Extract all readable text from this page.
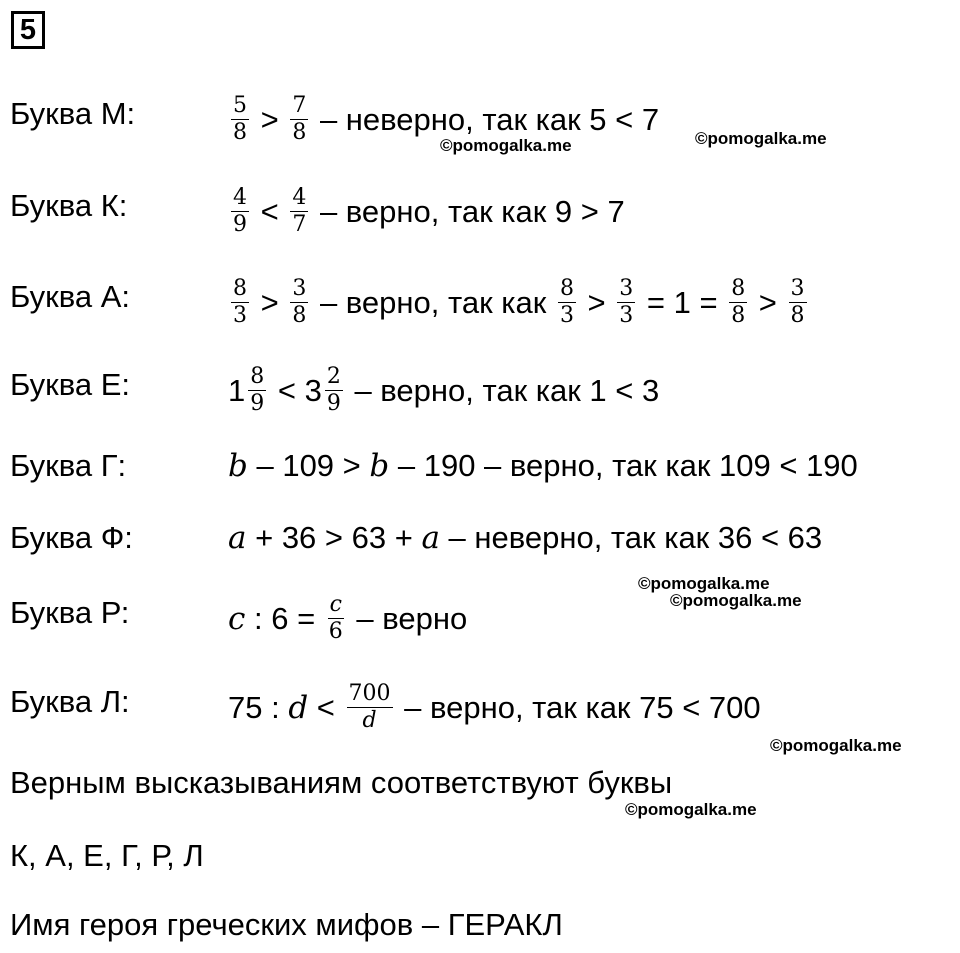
5
Буква М:
Буква К:
Буква А:
Буква Е:
Буква Г:
Буква Ф:
Буква Р:
Буква Л:
$\frac{5}{8} > \frac{7}{8}$ – неверно, так как 5 < 7
$\frac{4}{9} < \frac{4}{7}$ – верно, так как 9 > 7
$\frac{8}{3} > \frac{3}{8}$ – верно, так как $\frac{8}{3} > \frac{3}{3} = 1 = \frac{8}{8} > \frac{3}{8}$
$1 \frac{8}{9} < 3 \frac{2}{9}$ – верно, так как 1 < 3
b – 109 > b – 190 – верно, так как 109 < 190
a + 36 > 63 + a – неверно, так как 36 < 63
c : $6 = \frac{c}{6}$ – верно
75 : $d < \frac{700}{d}$ – верно, так как 75 < 700
Верным высказываниям соответствуют буквы
К, А, Е, Г, Р, Л
Имя героя греческих мифов – ГЕРАКЛ
©pomogalka.me	©pomogalka.me
©pomogalka.me
©pomogalka.me
©pomogalka.me
©pomogalka.me
